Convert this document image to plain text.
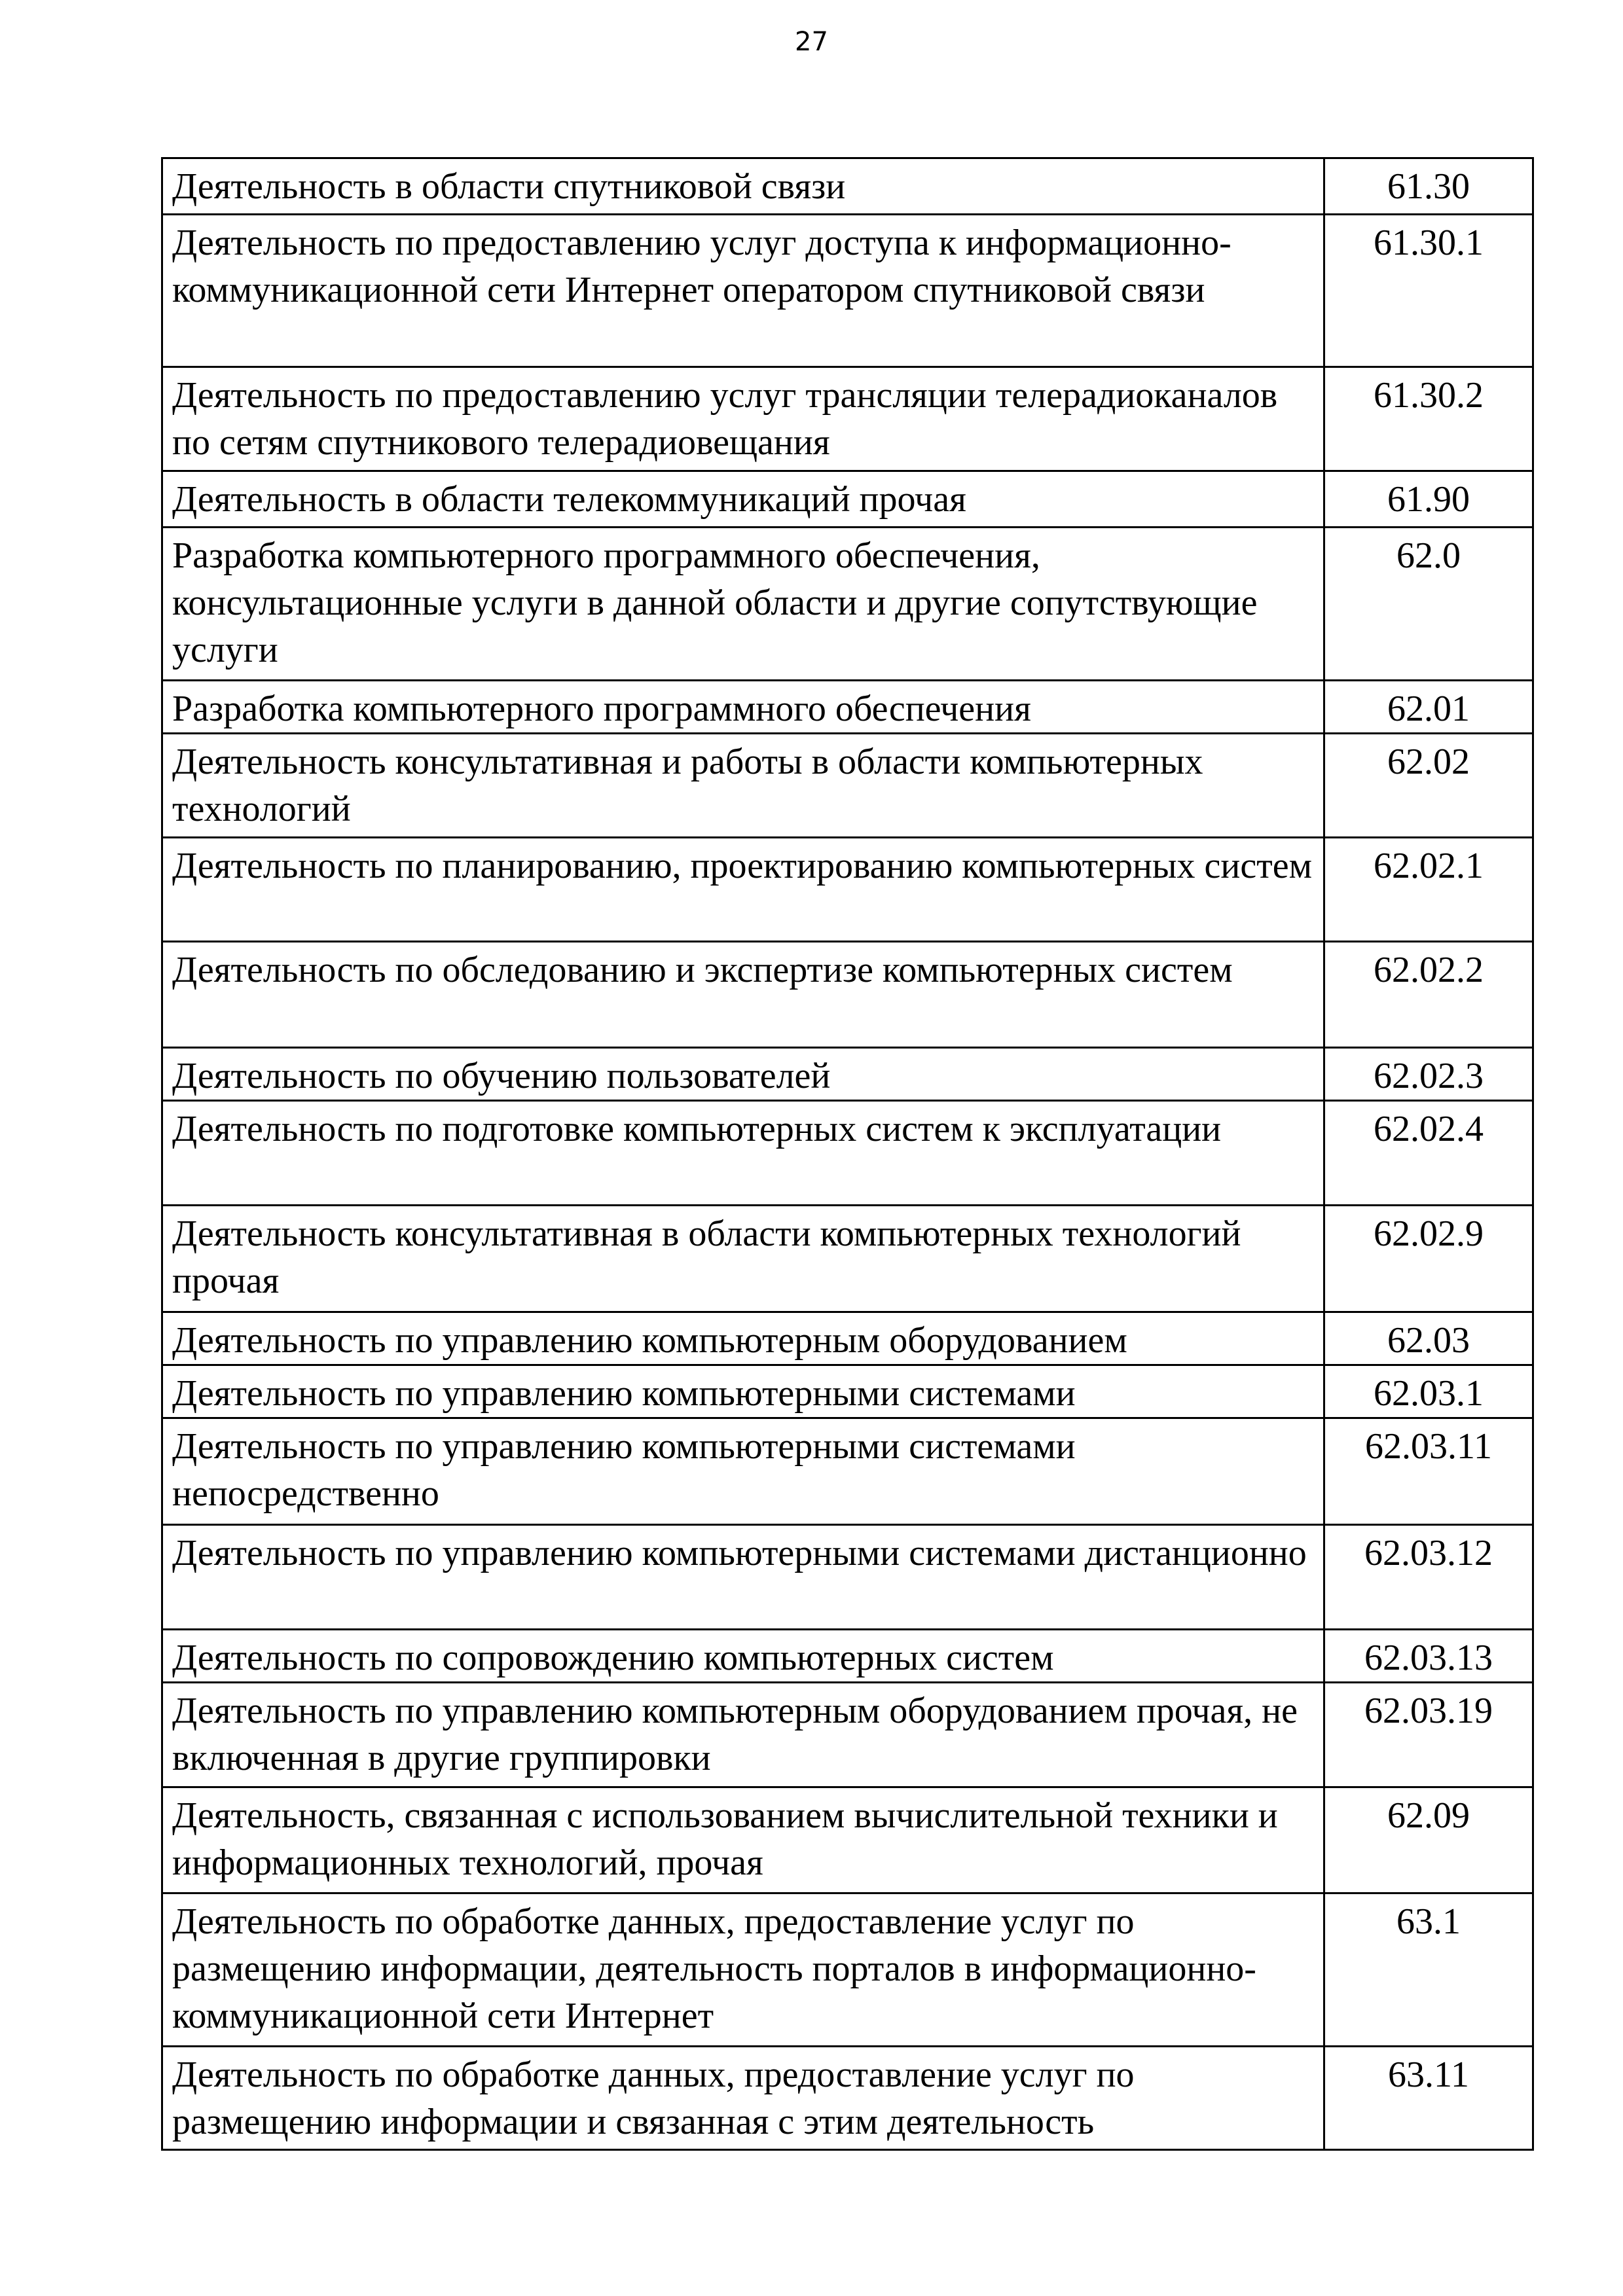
27
Деятельность в области спутниковой связи	61.30
Деятельность по предоставлению услуг доступа к информационно-коммуникационной сети Интернет оператором спутниковой связи	61.30.1
Деятельность по предоставлению услуг трансляции телерадиоканалов по сетям спутникового телерадиовещания	61.30.2
Деятельность в области телекоммуникаций прочая	61.90
Разработка компьютерного программного обеспечения, консультационные услуги в данной области и другие сопутствующие услуги	62.0
Разработка компьютерного программного обеспечения	62.01
Деятельность консультативная и работы в области компьютерных технологий	62.02
Деятельность по планированию, проектированию компьютерных систем	62.02.1
Деятельность по обследованию и экспертизе компьютерных систем	62.02.2
Деятельность по обучению пользователей	62.02.3
Деятельность по подготовке компьютерных систем к эксплуатации	62.02.4
Деятельность консультативная в области компьютерных технологий прочая	62.02.9
Деятельность по управлению компьютерным оборудованием	62.03
Деятельность по управлению компьютерными системами	62.03.1
Деятельность по управлению компьютерными системами непосредственно	62.03.11
Деятельность по управлению компьютерными системами дистанционно	62.03.12
Деятельность по сопровождению компьютерных систем	62.03.13
Деятельность по управлению компьютерным оборудованием прочая, не включенная в другие группировки	62.03.19
Деятельность, связанная с использованием вычислительной техники и информационных технологий, прочая	62.09
Деятельность по обработке данных, предоставление услуг по размещению информации, деятельность порталов в информационно-коммуникационной сети Интернет	63.1
Деятельность по обработке данных, предоставление услуг по размещению информации и связанная с этим деятельность	63.11
